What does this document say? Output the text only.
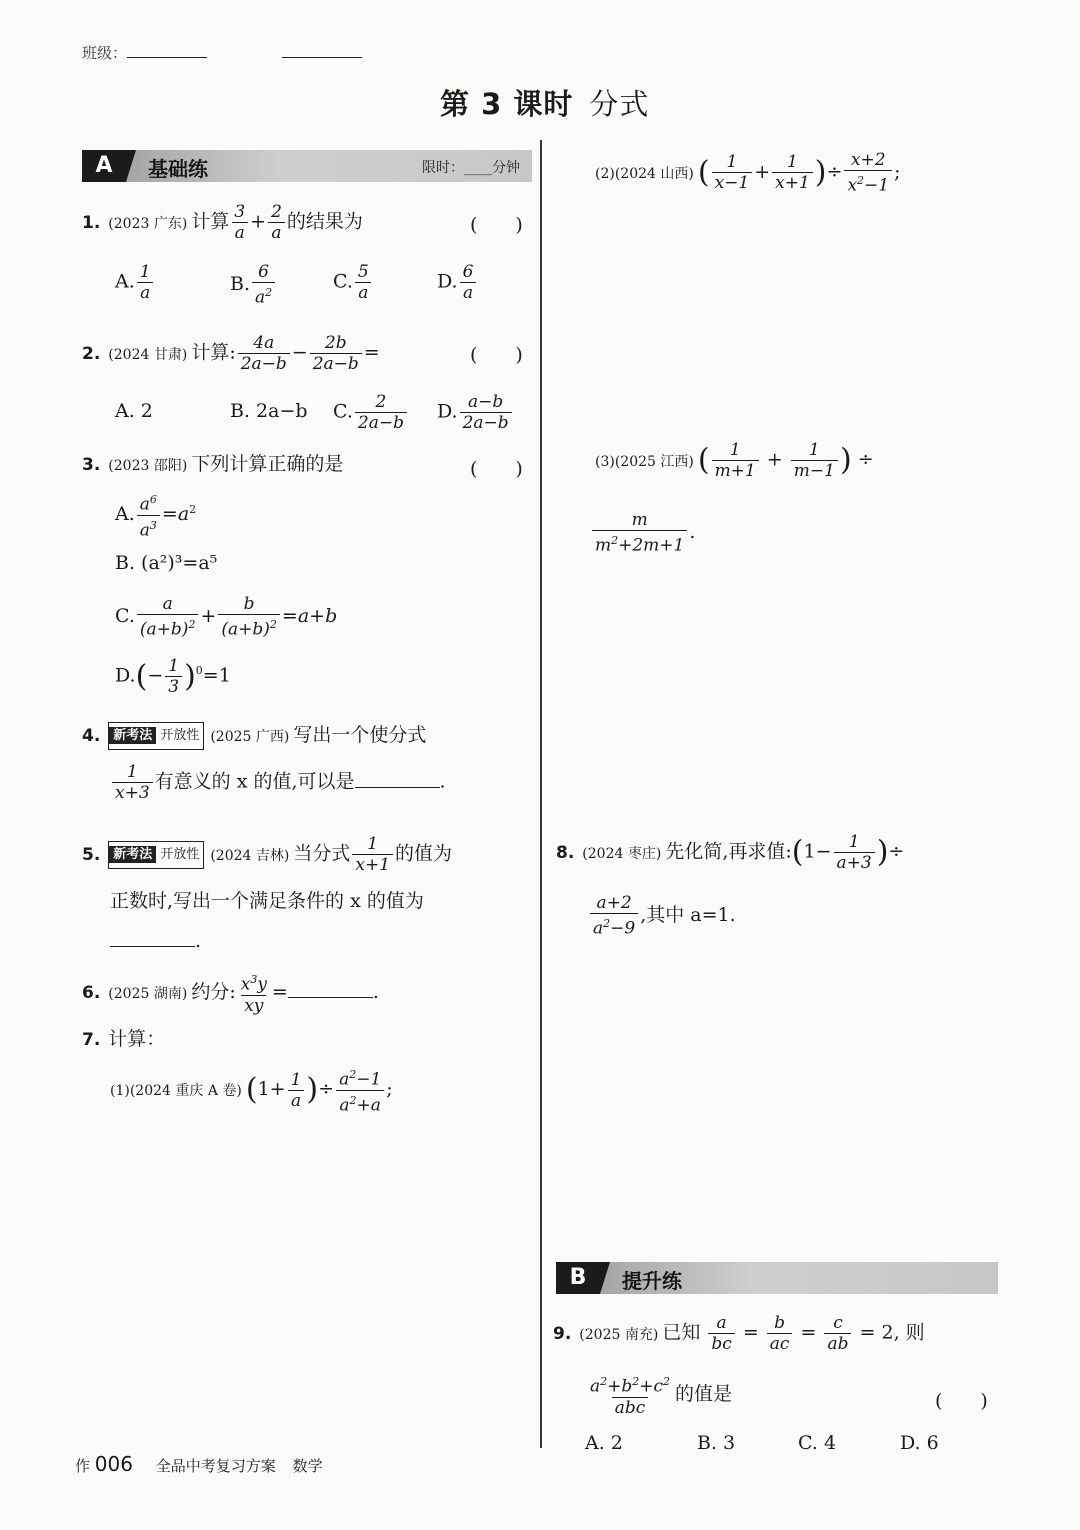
班级：
第 3 课时 分式
A	基础练	限时：____分钟
1. (2023 广东) 计算 $\frac{3}{a} + \frac{2}{a}$ 的结果为	(　　)
A. $\frac{1}{a}$	B. $\frac{6}{a^2}$	C. $\frac{5}{a}$	D. $\frac{6}{a}$
2. (2024 甘肃) 计算: $\frac{4a}{2a-b} - \frac{2b}{2a-b}$ =	(　　)
A. 2	B. 2a−b C. $\frac{2}{2a-b} D$. $\frac{a-b}{2a-b}$
3. (2023 邵阳) 下列计算正确的是	(　　)
A. $\frac{a^6}{a^3} =a^2$
B. (a²)³=a⁵
C. $\frac{a}{(a+b)^2} + \frac{b}{(a+b)^2} =a+b$
$D.(- \frac{1}{3} )^0=1$
4. 新考法 开放性 (2025 广西) 写出一个使分式
$\frac{1}{x+3}$ 有意义的 x 的值,可以是	.
5. 新考法 开放性 (2024 吉林) 当分式 $\frac{1}{x+1}$ 的值为
正数时,写出一个满足条件的 x 的值为
.
6. (2025 湖南) 约分: $\frac{x^3y}{xy}$ =	.
7. 计算：
(1)(2024 重庆 A 卷) ($1+ \frac{1}{a}$ )÷ $\frac{a^2-1}{a^2+a}$ ;
(2)(2024 山西) ( $\frac{1}{x-1} + \frac{1}{x+1}$ )÷ $\frac{x+2}{x^2-1}$ ;
(3)(2025 江西) ( $\frac{1}{m+1} + \frac{1}{m-1}$ ) ÷
$\frac{m}{m^2+2m+1}$ .
8. (2024 枣庄) 先化简,再求值:(1− $\frac{1}{a+3}$ )÷
$\frac{a+2}{a^2-9}$ ,其中 a=1.
B	提升练
9. (2025 南充) 已知 $\frac{a}{bc} = \frac{b}{ac} = \frac{c}{ab} = 2$, 则
$\frac{a^2+b^2+c^2}{\text{abc}}$ 的值是	(　　)
A. 2	B. 3	C. 4	D. 6
作 006 全品中考复习方案 数学
